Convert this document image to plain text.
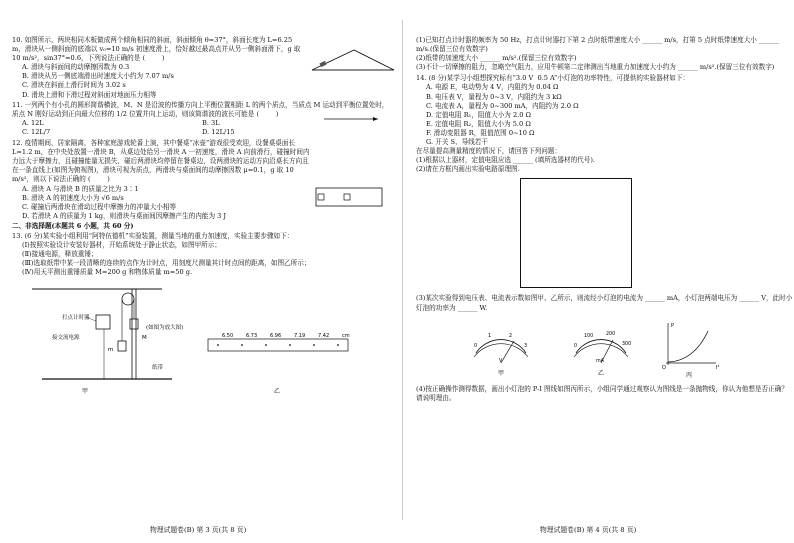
10. 如图所示，两块相同木板做成两个倾角相同的斜面，斜面倾角 θ=37°，斜面长度为 L=6.25 m，滑块从一侧斜面的底端以 v₀=10 m/s 初速度滑上，恰好越过最高点并从另一侧斜面滑下，g 取 10 m/s²，sin37°=0.6，下列说法正确的是 (        )

A. 滑块与斜面间的动摩擦因数为 0.3

B. 滑块从另一侧底端滑出时速度大小约为 7.07 m/s

C. 滑块在斜面上滑行时间为 3.02 s

D. 滑块上滑和下滑过程对斜面对地面压力相等

11. 一列两个有小孔的圆形简谐横波，M、N 是沿波的传播方向上平衡位置相距 L 的两个质点，当质点 M 运动到平衡位置处时，质点 N 刚好运动到正向最大位移的 1/2 位置并向上运动，则该简谐波的波长可能是 (        )

A. 12L	B. 3L
C. 12L/7	D. 12L/15

12. 疫情期间，居家隔离，各种家庭游戏轮番上演，其中餐桌“冰壶”游戏很受欢迎，设餐桌桌面长 L=1.2 m，在中央处放置一滑块 B，从桌边处给另一滑块 A 一初速度，滑块 A 向前滑行，碰撞时间内力远大于摩擦力，且碰撞能量无损失，碰后两滑块均停留在餐桌边，设两滑块的运动方向沿桌长方向且在一条直线上(如图为俯视图)，滑块可视为质点，两滑块与桌面间的动摩擦因数 μ=0.1，g 取 10 m/s²，则以下说法正确的 (        )

A. 滑块 A 与滑块 B 的质量之比为 3∶1

B. 滑块 A 的初速度大小为 √6 m/s

C. 碰撞后两滑块在滑动过程中摩擦力的冲量大小相等

D. 若滑块 A 的质量为 1 kg，则滑块与桌面间因摩擦产生的内能为 3 J

二、非选择题(本题共 6 小题，共 60 分)

13. (6 分)某实验小组利用“阿特伍德机”实验装置，测量当地的重力加速度，实验主要步骤如下：

(Ⅰ)按照实验设计安装好器材，开始系统处于静止状态，如图甲所示；

(Ⅱ)接通电源，释放重锤；

(Ⅲ)选取纸带中某一段清晰的连续的点作为计时点，用刻度尺测量其计时点间的距离，如图乙所示；

(Ⅳ)用天平测出重锤质量 M=200 g 和物体质量 m=50 g.

打点计时器
接交流电源
(如图为放大图)
纸带
M
m
甲
6.50	6.73	6.96	7.19	7.42	cm
乙

(1)已知打点计时器的频率为 50 Hz，打点计时器打下第 2 点时纸带速度大小 ______ m/s，打第 5 点时纸带速度大小 ______ m/s.(保留三位有效数字)

(2)纸带的加速度大小 ______ m/s².(保留三位有效数字)

(3)不计一切摩擦的阻力，忽略空气阻力，应用牛顿第二定律测出当地重力加速度大小约为 ______ m/s².(保留三位有效数字)

14. (8 分)某学习小组想探究标有“3.0 V  0.5 A”小灯泡的功率特性，可提供的实验器材如下：

A. 电源 E，电动势为 4 V，内阻约为 0.04 Ω

B. 电压表 V，量程为 0~3 V，内阻约为 3 kΩ

C. 电流表 A，量程为 0~300 mA，内阻约为 2.0 Ω

D. 定值电阻 R₁，阻值大小为 2.0 Ω

E. 定值电阻 R₂，阻值大小为 5.0 Ω

F. 滑动变阻器 R，阻值范围 0~10 Ω

G. 开关 S、导线若干

在尽量提高测量精度的情况下，请回答下列问题：

(1)根据以上器材，定值电阻应选 ______ (填所选器材的代号).

(2)请在方框内画出实验电路原理图.

(3)某次实验得到电压表、电流表示数如图甲、乙所示，则流经小灯泡的电流为 ______ mA，小灯泡两端电压为 ______ V，此时小灯泡的功率为 ______ W.

0
1	2
3
V
甲
0
100	200
300
mA
乙
P
O	I²
丙

(4)按正确操作测得数据，画出小灯泡的 P-I 图线如图丙所示，小组同学通过观察认为图线是一条抛物线，你认为他想是否正确？请说明理由。

物理试题卷(B) 第 3 页(共 8 页)	物理试题卷(B) 第 4 页(共 8 页)
